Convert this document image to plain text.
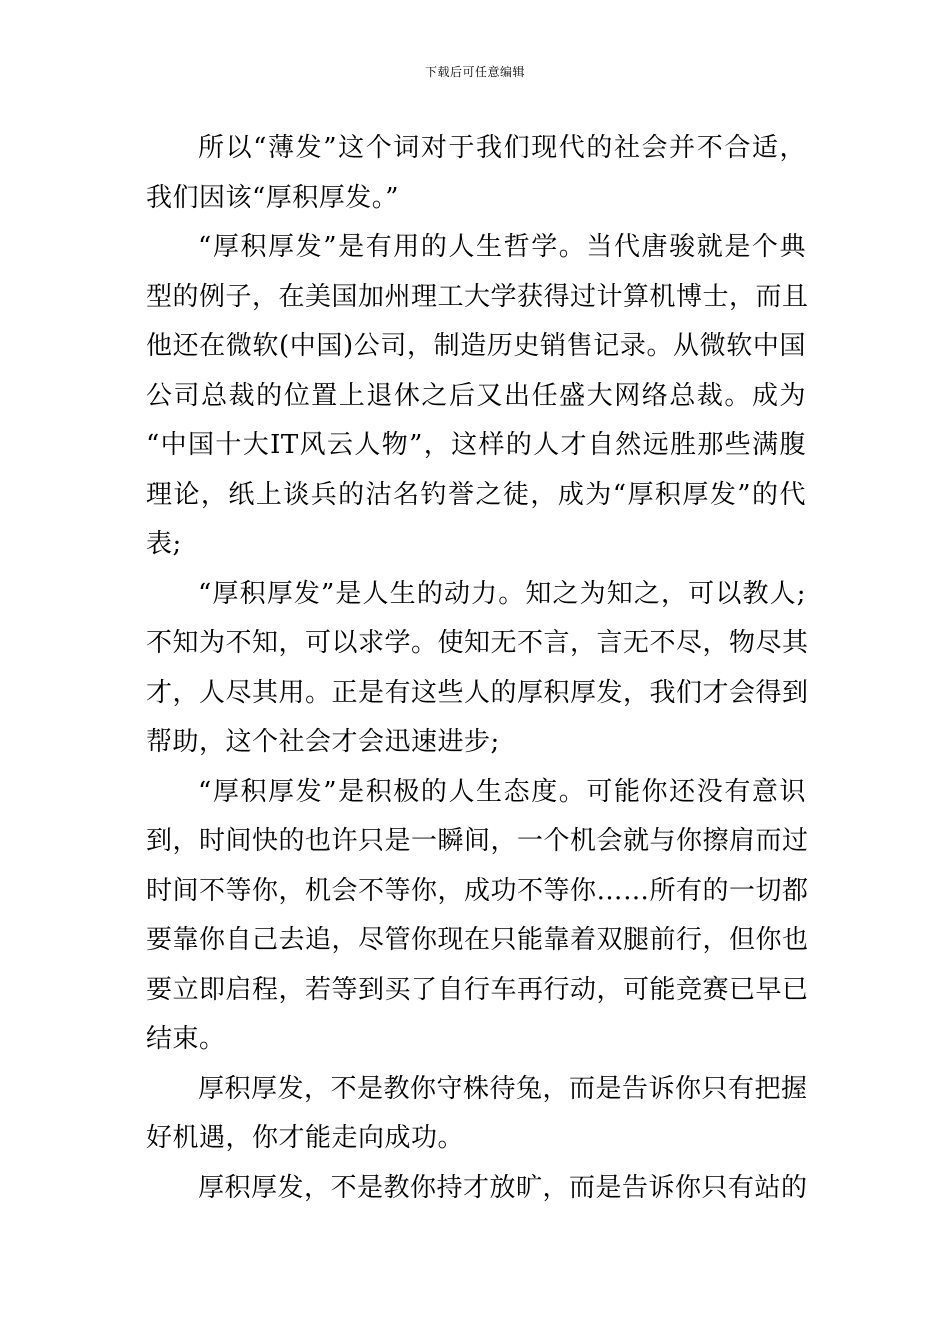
下载后可任意编辑
所以“薄发”这个词对于我们现代的社会并不合适，
我们因该“厚积厚发。”
“厚积厚发”是有用的人生哲学。当代唐骏就是个典
型的例子，在美国加州理工大学获得过计算机博士，而且
他还在微软(中国)公司，制造历史销售记录。从微软中国
公司总裁的位置上退休之后又出任盛大网络总裁。成为
“中国十大IT风云人物”，这样的人才自然远胜那些满腹
理论，纸上谈兵的沽名钓誉之徒，成为“厚积厚发”的代
表;
“厚积厚发”是人生的动力。知之为知之，可以教人;
不知为不知，可以求学。使知无不言，言无不尽，物尽其
才，人尽其用。正是有这些人的厚积厚发，我们才会得到
帮助，这个社会才会迅速进步;
“厚积厚发”是积极的人生态度。可能你还没有意识
到，时间快的也许只是一瞬间，一个机会就与你擦肩而过
时间不等你，机会不等你，成功不等你……所有的一切都
要靠你自己去追，尽管你现在只能靠着双腿前行，但你也
要立即启程，若等到买了自行车再行动，可能竞赛已早已
结束。
厚积厚发，不是教你守株待兔，而是告诉你只有把握
好机遇，你才能走向成功。
厚积厚发，不是教你持才放旷，而是告诉你只有站的
